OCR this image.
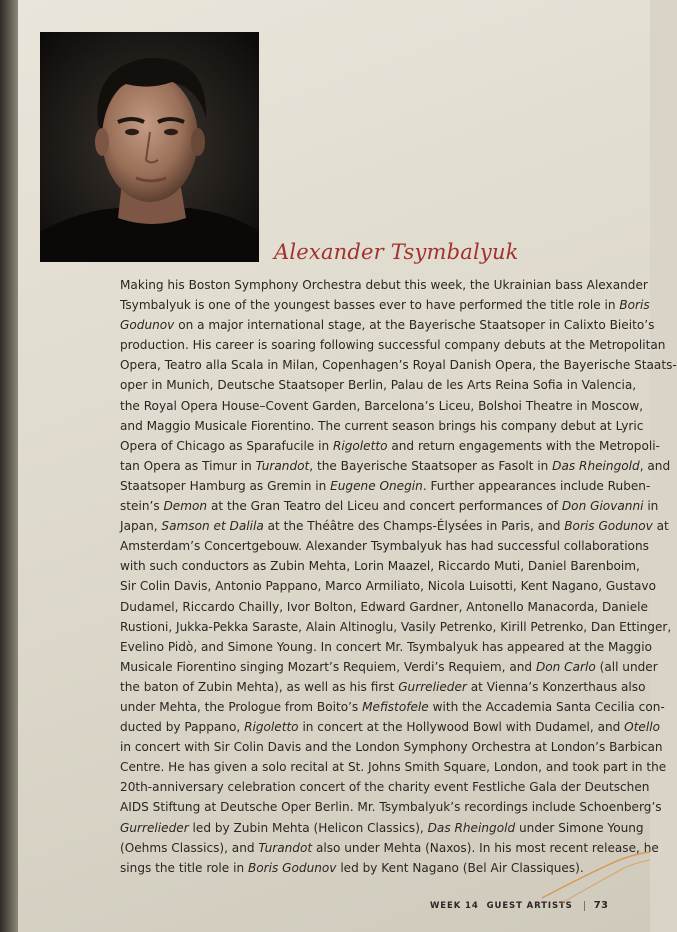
Alexander Tsymbalyuk
Making his Boston Symphony Orchestra debut this week, the Ukrainian bass Alexander
Tsymbalyuk is one of the youngest basses ever to have performed the title role in Boris
Godunov on a major international stage, at the Bayerische Staatsoper in Calixto Bieito’s
production. His career is soaring following successful company debuts at the Metropolitan
Opera, Teatro alla Scala in Milan, Copenhagen’s Royal Danish Opera, the Bayerische Staats-
oper in Munich, Deutsche Staatsoper Berlin, Palau de les Arts Reina Sofia in Valencia,
the Royal Opera House–Covent Garden, Barcelona’s Liceu, Bolshoi Theatre in Moscow,
and Maggio Musicale Fiorentino. The current season brings his company debut at Lyric
Opera of Chicago as Sparafucile in Rigoletto and return engagements with the Metropoli-
tan Opera as Timur in Turandot, the Bayerische Staatsoper as Fasolt in Das Rheingold, and
Staatsoper Hamburg as Gremin in Eugene Onegin. Further appearances include Ruben-
stein’s Demon at the Gran Teatro del Liceu and concert performances of Don Giovanni in
Japan, Samson et Dalila at the Théâtre des Champs-Élysées in Paris, and Boris Godunov at
Amsterdam’s Concertgebouw. Alexander Tsymbalyuk has had successful collaborations
with such conductors as Zubin Mehta, Lorin Maazel, Riccardo Muti, Daniel Barenboim,
Sir Colin Davis, Antonio Pappano, Marco Armiliato, Nicola Luisotti, Kent Nagano, Gustavo
Dudamel, Riccardo Chailly, Ivor Bolton, Edward Gardner, Antonello Manacorda, Daniele
Rustioni, Jukka-Pekka Saraste, Alain Altinoglu, Vasily Petrenko, Kirill Petrenko, Dan Ettinger,
Evelino Pidò, and Simone Young. In concert Mr. Tsymbalyuk has appeared at the Maggio
Musicale Fiorentino singing Mozart’s Requiem, Verdi’s Requiem, and Don Carlo (all under
the baton of Zubin Mehta), as well as his first Gurrelieder at Vienna’s Konzerthaus also
under Mehta, the Prologue from Boito’s Mefistofele with the Accademia Santa Cecilia con-
ducted by Pappano, Rigoletto in concert at the Hollywood Bowl with Dudamel, and Otello
in concert with Sir Colin Davis and the London Symphony Orchestra at London’s Barbican
Centre. He has given a solo recital at St. Johns Smith Square, London, and took part in the
20th-anniversary celebration concert of the charity event Festliche Gala der Deutschen
AIDS Stiftung at Deutsche Oper Berlin. Mr. Tsymbalyuk’s recordings include Schoenberg’s
Gurrelieder led by Zubin Mehta (Helicon Classics), Das Rheingold under Simone Young
(Oehms Classics), and Turandot also under Mehta (Naxos). In his most recent release, he
sings the title role in Boris Godunov led by Kent Nagano (Bel Air Classiques).
WEEK 14 GUEST ARTISTS 73
